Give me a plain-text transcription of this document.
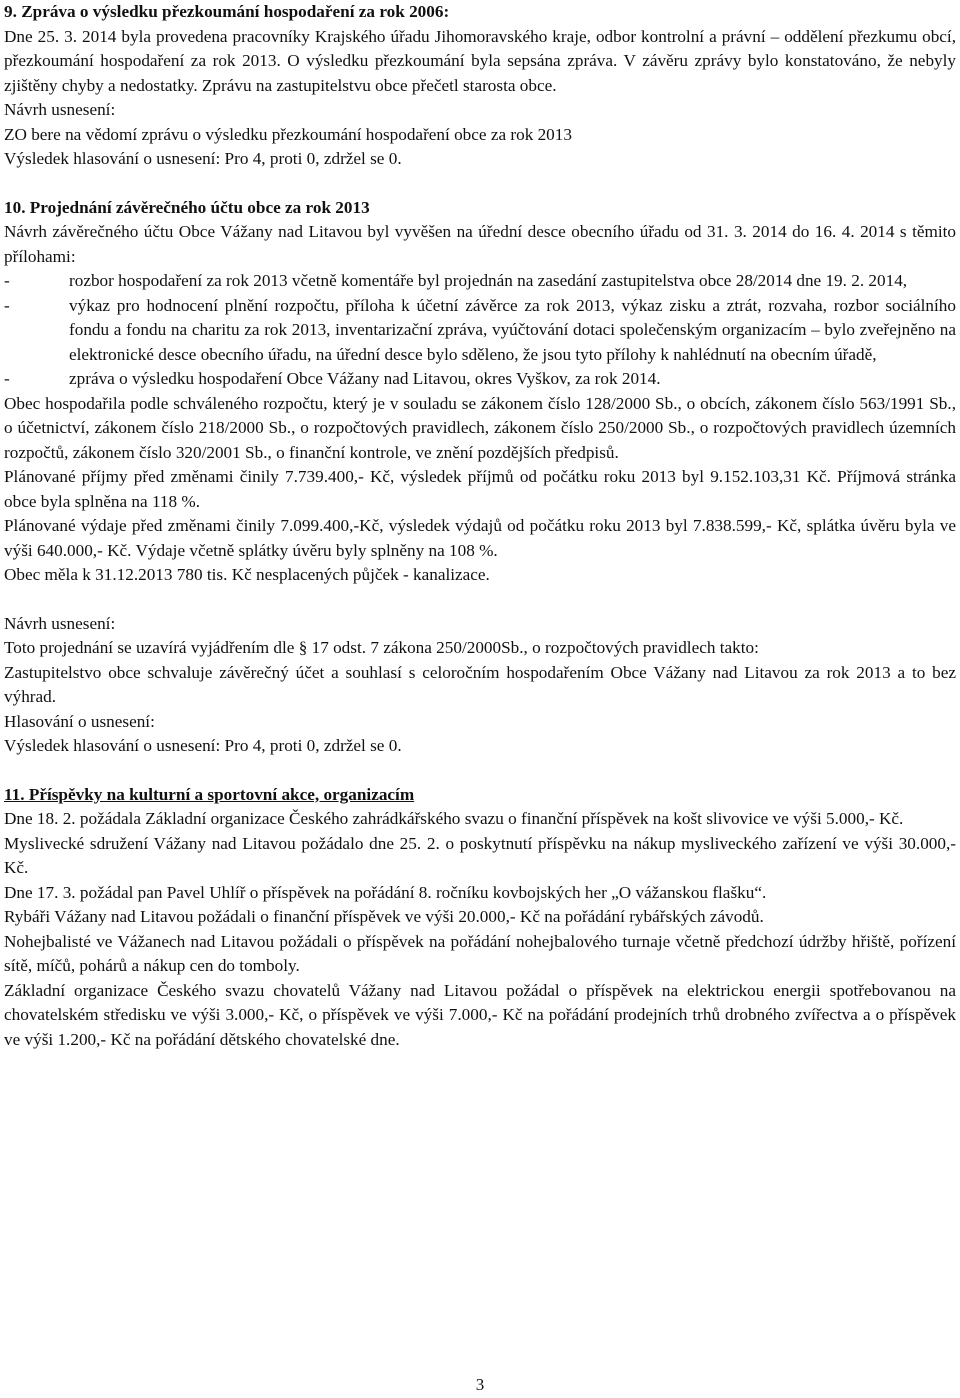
9. Zpráva o výsledku přezkoumání hospodaření za rok 2006:

Dne 25. 3. 2014 byla provedena pracovníky Krajského úřadu Jihomoravského kraje, odbor kontrolní a právní – oddělení přezkumu obcí, přezkoumání hospodaření za rok 2013. O výsledku přezkoumání byla sepsána zpráva. V závěru zprávy bylo konstatováno, že nebyly zjištěny chyby a nedostatky. Zprávu na zastupitelstvu obce přečetl starosta obce.

Návrh usnesení:

ZO bere na vědomí zprávu o výsledku přezkoumání hospodaření obce za rok 2013

Výsledek hlasování o usnesení: Pro 4, proti 0, zdržel se 0.

10. Projednání závěrečného účtu obce za rok 2013

Návrh závěrečného účtu Obce Vážany nad Litavou byl vyvěšen na úřední desce obecního úřadu od 31. 3. 2014 do 16. 4. 2014 s těmito přílohami:

-	rozbor hospodaření za rok 2013 včetně komentáře byl projednán na zasedání zastupitelstva obce 28/2014 dne 19. 2. 2014,
-	výkaz pro hodnocení plnění rozpočtu, příloha k účetní závěrce za rok 2013, výkaz zisku a ztrát, rozvaha, rozbor sociálního fondu a fondu na charitu za rok 2013, inventarizační zpráva, vyúčtování dotaci společenským organizacím – bylo zveřejněno na elektronické desce obecního úřadu, na úřední desce bylo sděleno, že jsou tyto přílohy k nahlédnutí na obecním úřadě,
-	zpráva o výsledku hospodaření Obce Vážany nad Litavou, okres Vyškov, za rok 2014.

Obec hospodařila podle schváleného rozpočtu, který je v souladu se zákonem číslo 128/2000 Sb., o obcích, zákonem číslo 563/1991 Sb., o účetnictví, zákonem číslo 218/2000 Sb., o rozpočtových pravidlech, zákonem číslo 250/2000 Sb., o rozpočtových pravidlech územních rozpočtů, zákonem číslo 320/2001 Sb., o finanční kontrole, ve znění pozdějších předpisů.

Plánované příjmy před změnami činily 7.739.400,- Kč, výsledek příjmů od počátku roku 2013 byl 9.152.103,31 Kč. Příjmová stránka obce byla splněna na 118 %.

Plánované výdaje před změnami činily 7.099.400,-Kč, výsledek výdajů od počátku roku 2013 byl 7.838.599,- Kč, splátka úvěru byla ve výši 640.000,- Kč. Výdaje včetně splátky úvěru byly splněny na 108 %.

Obec měla k 31.12.2013 780 tis. Kč nesplacených půjček - kanalizace.

Návrh usnesení:

Toto projednání se uzavírá vyjádřením dle § 17 odst. 7 zákona 250/2000Sb., o rozpočtových pravidlech takto:

Zastupitelstvo obce schvaluje závěrečný účet a souhlasí s celoročním hospodařením Obce Vážany nad Litavou za rok 2013 a to bez výhrad.

Hlasování o usnesení:

Výsledek hlasování o usnesení: Pro 4, proti 0, zdržel se 0.

11. Příspěvky na kulturní a sportovní akce, organizacím

Dne 18. 2. požádala Základní organizace Českého zahrádkářského svazu o finanční příspěvek na košt slivovice ve výši 5.000,- Kč.

Myslivecké sdružení Vážany nad Litavou požádalo dne 25. 2. o poskytnutí příspěvku na nákup mysliveckého zařízení ve výši 30.000,- Kč.

Dne 17. 3. požádal pan Pavel Uhlíř o příspěvek na pořádání 8. ročníku kovbojských her „O vážanskou flašku“.

Rybáři Vážany nad Litavou požádali o finanční příspěvek ve výši 20.000,- Kč na pořádání rybářských závodů.

Nohejbalisté ve Vážanech nad Litavou požádali o příspěvek na pořádání nohejbalového turnaje včetně předchozí údržby hřiště, pořízení sítě, míčů, pohárů a nákup cen do tomboly.

Základní organizace Českého svazu chovatelů Vážany nad Litavou požádal o příspěvek na elektrickou energii spotřebovanou na chovatelském středisku ve výši 3.000,- Kč, o příspěvek ve výši 7.000,- Kč na pořádání prodejních trhů drobného zvířectva a o příspěvek ve výši 1.200,- Kč na pořádání dětského chovatelské dne.

3
